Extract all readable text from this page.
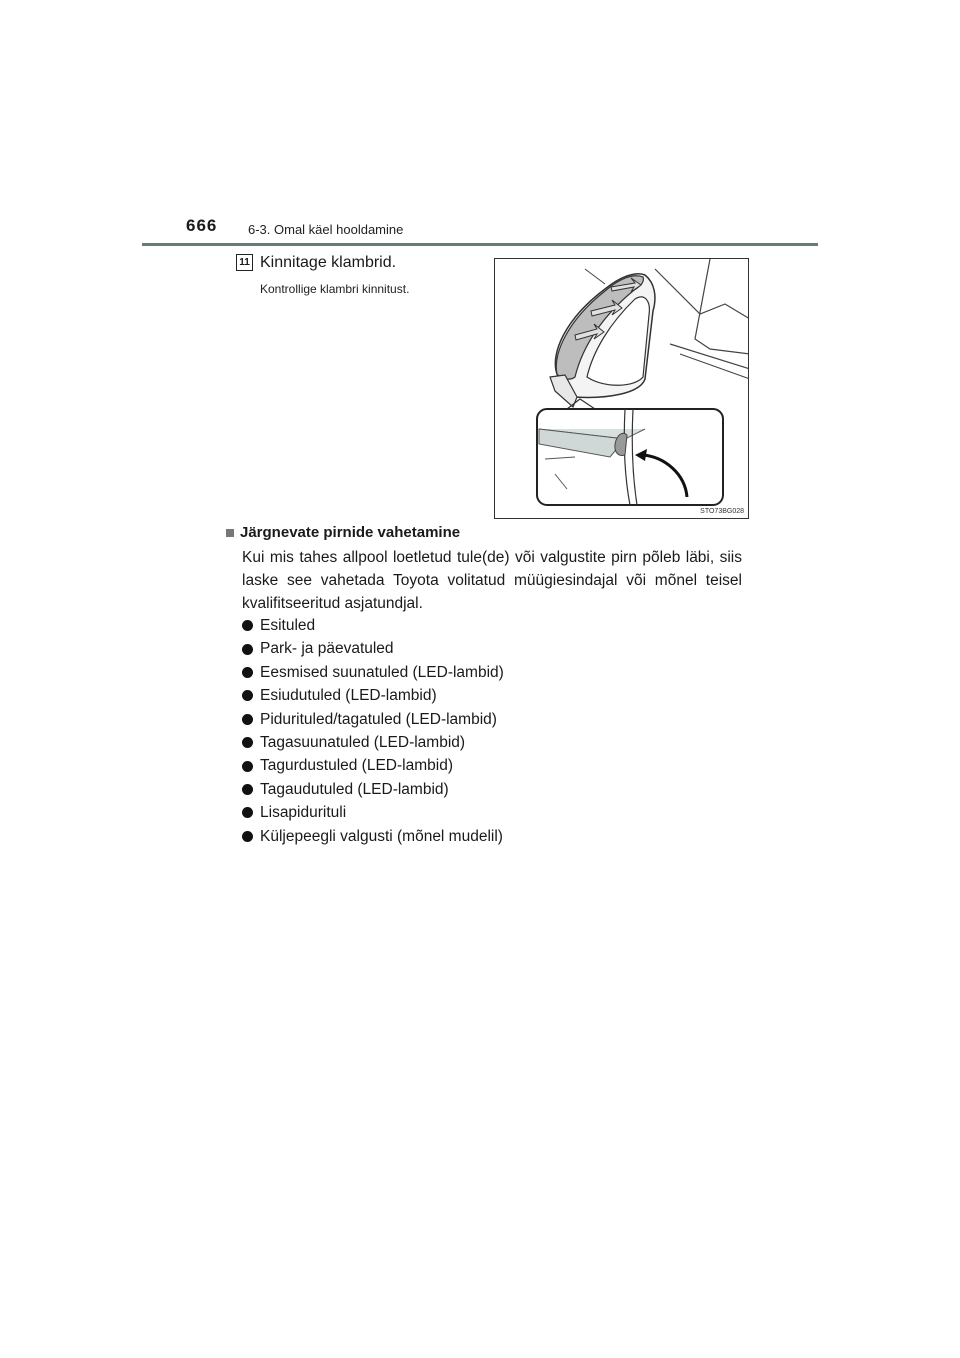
666 6-3. Omal käel hooldamine
11 Kinnitage klambrid.
Kontrollige klambri kinnitust.
STO73BG028
Järgnevate pirnide vahetamine
Kui mis tahes allpool loetletud tule(de) või valgustite pirn põleb läbi, siis laske see vahetada Toyota volitatud müügiesindajal või mõnel teisel kvalifitseeritud asjatundjal.
Esituled
Park- ja päevatuled
Eesmised suunatuled (LED-lambid)
Esiudutuled (LED-lambid)
Pidurituled/tagatuled (LED-lambid)
Tagasuunatuled (LED-lambid)
Tagurdustuled (LED-lambid)
Tagaudutuled (LED-lambid)
Lisapidurituli
Küljepeegli valgusti (mõnel mudelil)
